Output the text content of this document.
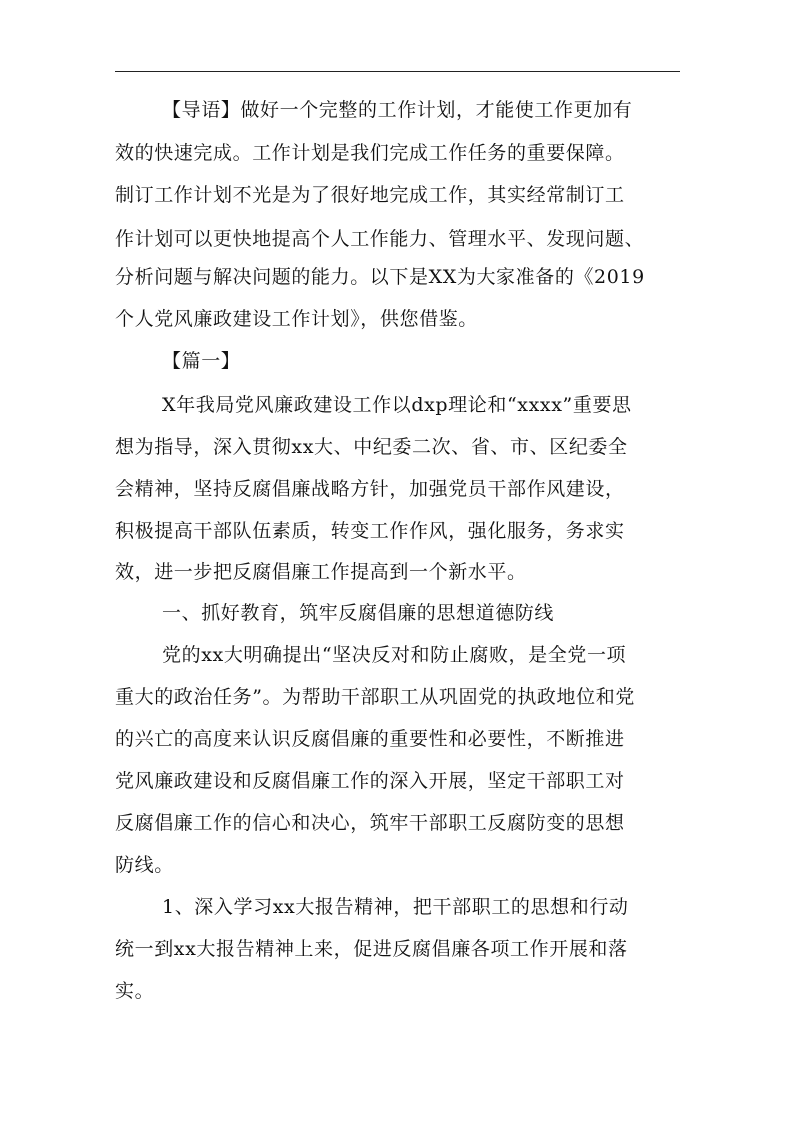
【导语】做好一个完整的工作计划，才能使工作更加有
效的快速完成。工作计划是我们完成工作任务的重要保障。
制订工作计划不光是为了很好地完成工作，其实经常制订工
作计划可以更快地提高个人工作能力、管理水平、发现问题、
分析问题与解决问题的能力。以下是XX为大家准备的《2019
个人党风廉政建设工作计划》，供您借鉴。
【篇一】
X年我局党风廉政建设工作以dxp理论和“xxxx”重要思
想为指导，深入贯彻xx大、中纪委二次、省、市、区纪委全
会精神，坚持反腐倡廉战略方针，加强党员干部作风建设，
积极提高干部队伍素质，转变工作作风，强化服务，务求实
效，进一步把反腐倡廉工作提高到一个新水平。
一、抓好教育，筑牢反腐倡廉的思想道德防线
党的xx大明确提出“坚决反对和防止腐败，是全党一项
重大的政治任务”。为帮助干部职工从巩固党的执政地位和党
的兴亡的高度来认识反腐倡廉的重要性和必要性，不断推进
党风廉政建设和反腐倡廉工作的深入开展，坚定干部职工对
反腐倡廉工作的信心和决心，筑牢干部职工反腐防变的思想
防线。
1、深入学习xx大报告精神，把干部职工的思想和行动
统一到xx大报告精神上来，促进反腐倡廉各项工作开展和落
实。
